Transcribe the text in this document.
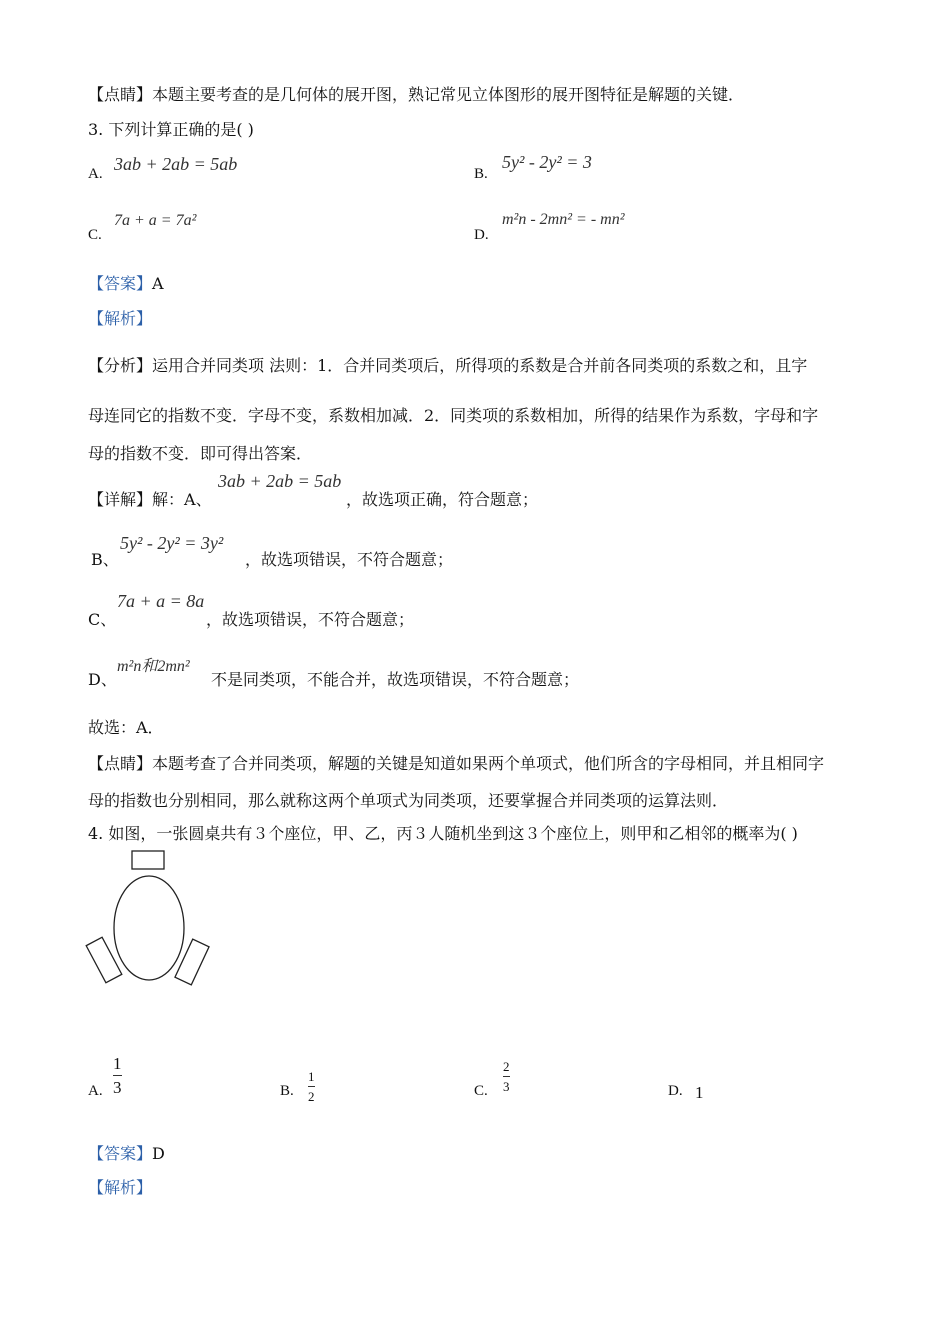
【点睛】本题主要考查的是几何体的展开图，熟记常见立体图形的展开图特征是解题的关键．
3. 下列计算正确的是( )
A. 3ab + 2ab = 5ab	B.
5y² - 2y² = 3
C.
7a + a = 7a²
D.
m²n - 2mn² = - mn²
【答案】A
【解析】
【分析】运用合并同类项 法则：1．合并同类项后，所得项的系数是合并前各同类项的系数之和，且字
母连同它的指数不变．字母不变，系数相加减．2．同类项的系数相加，所得的结果作为系数，字母和字
母的指数不变．即可得出答案．
【详解】解：A、
3ab + 2ab = 5ab
，故选项正确，符合题意；
B、
5y² - 2y² = 3y²
，故选项错误，不符合题意；
C、
7a + a = 8a
，故选项错误，不符合题意；
D、
m²n和2mn²
不是同类项，不能合并，故选项错误，不符合题意；
故选：A．
【点睛】本题考查了合并同类项，解题的关键是知道如果两个单项式，他们所含的字母相同，并且相同字
母的指数也分别相同，那么就称这两个单项式为同类项，还要掌握合并同类项的运算法则．
4. 如图，一张圆桌共有３个座位，甲、乙，丙３人随机坐到这３个座位上，则甲和乙相邻的概率为( )
A.
1
3	B.
1
2	C.
2
3	D. 1
【答案】D
【解析】
